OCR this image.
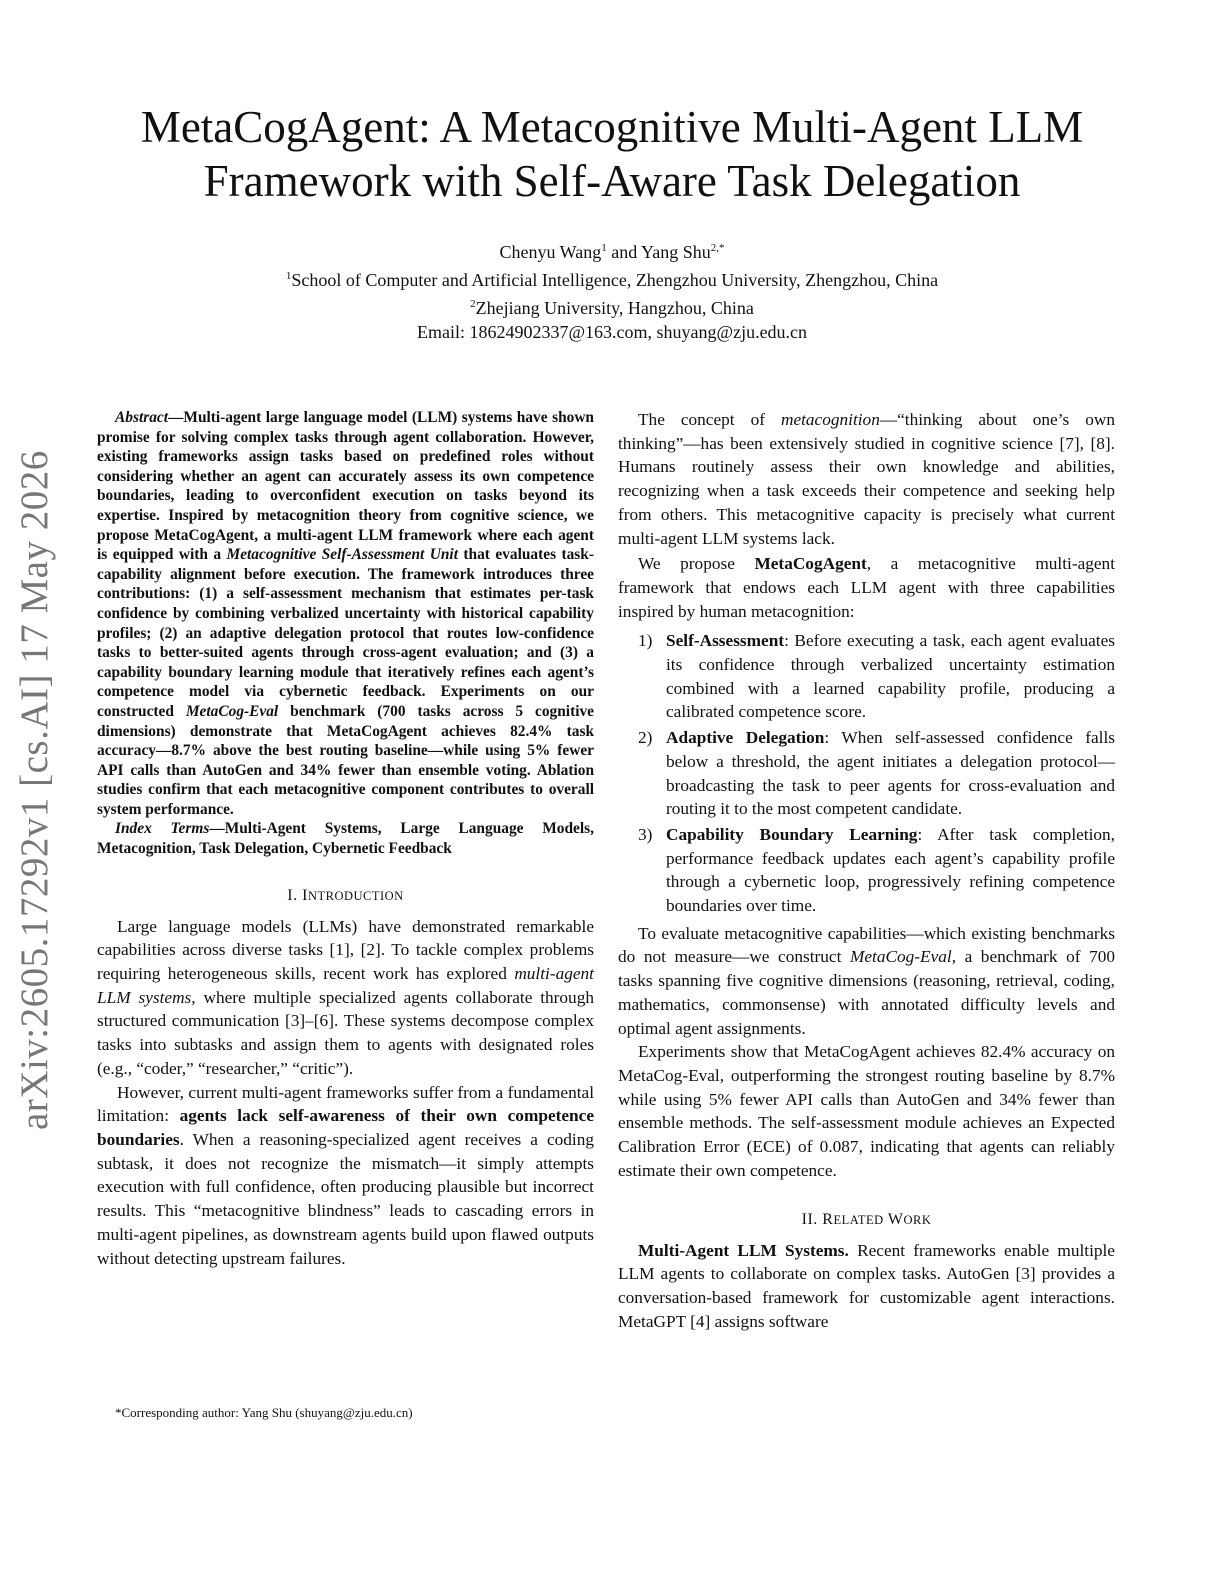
arXiv:2605.17292v1 [cs.AI] 17 May 2026
MetaCogAgent: A Metacognitive Multi-Agent LLM
Framework with Self-Aware Task Delegation
Chenyu Wang$^1$ and Yang Shu$^{2,*}$
$^1$School of Computer and Artificial Intelligence, Zhengzhou University, Zhengzhou, China
$^2$Zhejiang University, Hangzhou, China
Email: 18624902337@163.com, shuyang@zju.edu.cn

Abstract—Multi-agent large language model (LLM) systems have shown promise for solving complex tasks through agent collaboration. However, existing frameworks assign tasks based on predefined roles without considering whether an agent can accurately assess its own competence boundaries, leading to overconfident execution on tasks beyond its expertise. Inspired by metacognition theory from cognitive science, we propose MetaCogAgent, a multi-agent LLM framework where each agent is equipped with a Metacognitive Self-Assessment Unit that evaluates task-capability alignment before execution. The framework introduces three contributions: (1) a self-assessment mechanism that estimates per-task confidence by combining verbalized uncertainty with historical capability profiles; (2) an adaptive delegation protocol that routes low-confidence tasks to better-suited agents through cross-agent evaluation; and (3) a capability boundary learning module that iteratively refines each agent’s competence model via cybernetic feedback. Experiments on our constructed MetaCog-Eval benchmark (700 tasks across 5 cognitive dimensions) demonstrate that MetaCogAgent achieves 82.4% task accuracy—8.7% above the best routing baseline—while using 5% fewer API calls than AutoGen and 34% fewer than ensemble voting. Ablation studies confirm that each metacognitive component contributes to overall system performance.

Index Terms—Multi-Agent Systems, Large Language Models, Metacognition, Task Delegation, Cybernetic Feedback

I. INTRODUCTION

Large language models (LLMs) have demonstrated remarkable capabilities across diverse tasks [1], [2]. To tackle complex problems requiring heterogeneous skills, recent work has explored multi-agent LLM systems, where multiple specialized agents collaborate through structured communication [3]–[6]. These systems decompose complex tasks into subtasks and assign them to agents with designated roles (e.g., “coder,” “researcher,” “critic”).

However, current multi-agent frameworks suffer from a fundamental limitation: agents lack self-awareness of their own competence boundaries. When a reasoning-specialized agent receives a coding subtask, it does not recognize the mismatch—it simply attempts execution with full confidence, often producing plausible but incorrect results. This “metacognitive blindness” leads to cascading errors in multi-agent pipelines, as downstream agents build upon flawed outputs without detecting upstream failures.

The concept of metacognition—“thinking about one’s own thinking”—has been extensively studied in cognitive science [7], [8]. Humans routinely assess their own knowledge and abilities, recognizing when a task exceeds their competence and seeking help from others. This metacognitive capacity is precisely what current multi-agent LLM systems lack.

We propose MetaCogAgent, a metacognitive multi-agent framework that endows each LLM agent with three capabilities inspired by human metacognition:

1) Self-Assessment: Before executing a task, each agent evaluates its confidence through verbalized uncertainty estimation combined with a learned capability profile, producing a calibrated competence score.
2) Adaptive Delegation: When self-assessed confidence falls below a threshold, the agent initiates a delegation protocol—broadcasting the task to peer agents for cross-evaluation and routing it to the most competent candidate.
3) Capability Boundary Learning: After task completion, performance feedback updates each agent’s capability profile through a cybernetic loop, progressively refining competence boundaries over time.

To evaluate metacognitive capabilities—which existing benchmarks do not measure—we construct MetaCog-Eval, a benchmark of 700 tasks spanning five cognitive dimensions (reasoning, retrieval, coding, mathematics, commonsense) with annotated difficulty levels and optimal agent assignments.

Experiments show that MetaCogAgent achieves 82.4% accuracy on MetaCog-Eval, outperforming the strongest routing baseline by 8.7% while using 5% fewer API calls than AutoGen and 34% fewer than ensemble methods. The self-assessment module achieves an Expected Calibration Error (ECE) of 0.087, indicating that agents can reliably estimate their own competence.

II. RELATED WORK

Multi-Agent LLM Systems. Recent frameworks enable multiple LLM agents to collaborate on complex tasks. AutoGen [3] provides a conversation-based framework for customizable agent interactions. MetaGPT [4] assigns software

*Corresponding author: Yang Shu (shuyang@zju.edu.cn)
